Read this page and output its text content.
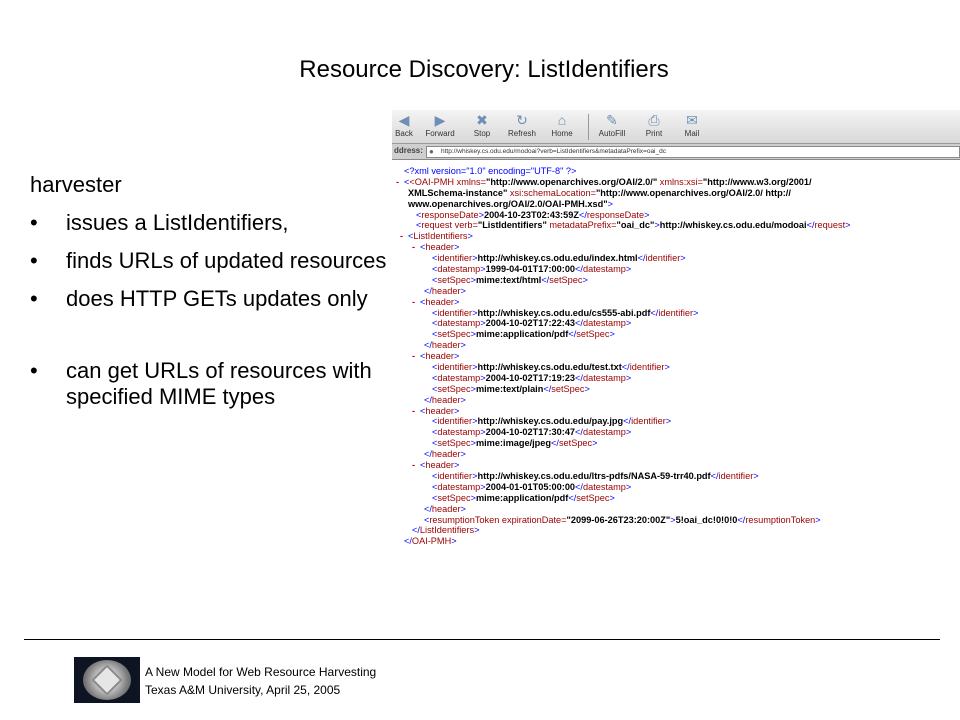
Resource Discovery: ListIdentifiers
harvester
• issues a ListIdentifiers,
• finds URLs of updated resources
• does HTTP GETs updates only
• can get URLs of resources with specified MIME types
◀
Back
▶
Forward
✖
Stop
↻
Refresh
⌂
Home
✎
AutoFill
⎙
Print
✉
Mail
ddress: ● http://whiskey.cs.odu.edu/modoai?verb=ListIdentifiers&metadataPrefix=oai_dc
<?xml version="1.0" encoding="UTF-8" ?>
- <<OAI-PMH xmlns="http://www.openarchives.org/OAI/2.0/" xmlns:xsi="http://www.w3.org/2001/
XMLSchema-instance" xsi:schemaLocation="http://www.openarchives.org/OAI/2.0/ http://
www.openarchives.org/OAI/2.0/OAI-PMH.xsd">
<responseDate>2004-10-23T02:43:59Z</responseDate>
<request verb="ListIdentifiers" metadataPrefix="oai_dc">http://whiskey.cs.odu.edu/modoai</request>
- <ListIdentifiers>
- <header>
<identifier>http://whiskey.cs.odu.edu/index.html</identifier>
<datestamp>1999-04-01T17:00:00</datestamp>
<setSpec>mime:text/html</setSpec>
</header>
- <header>
<identifier>http://whiskey.cs.odu.edu/cs555-abi.pdf</identifier>
<datestamp>2004-10-02T17:22:43</datestamp>
<setSpec>mime:application/pdf</setSpec>
</header>
- <header>
<identifier>http://whiskey.cs.odu.edu/test.txt</identifier>
<datestamp>2004-10-02T17:19:23</datestamp>
<setSpec>mime:text/plain</setSpec>
</header>
- <header>
<identifier>http://whiskey.cs.odu.edu/pay.jpg</identifier>
<datestamp>2004-10-02T17:30:47</datestamp>
<setSpec>mime:image/jpeg</setSpec>
</header>
- <header>
<identifier>http://whiskey.cs.odu.edu/ltrs-pdfs/NASA-59-trr40.pdf</identifier>
<datestamp>2004-01-01T05:00:00</datestamp>
<setSpec>mime:application/pdf</setSpec>
</header>
<resumptionToken expirationDate="2099-06-26T23:20:00Z">5!oai_dc!0!0!0</resumptionToken>
</ListIdentifiers>
</OAI-PMH>
A New Model for Web Resource Harvesting
Texas A&M University, April 25, 2005
